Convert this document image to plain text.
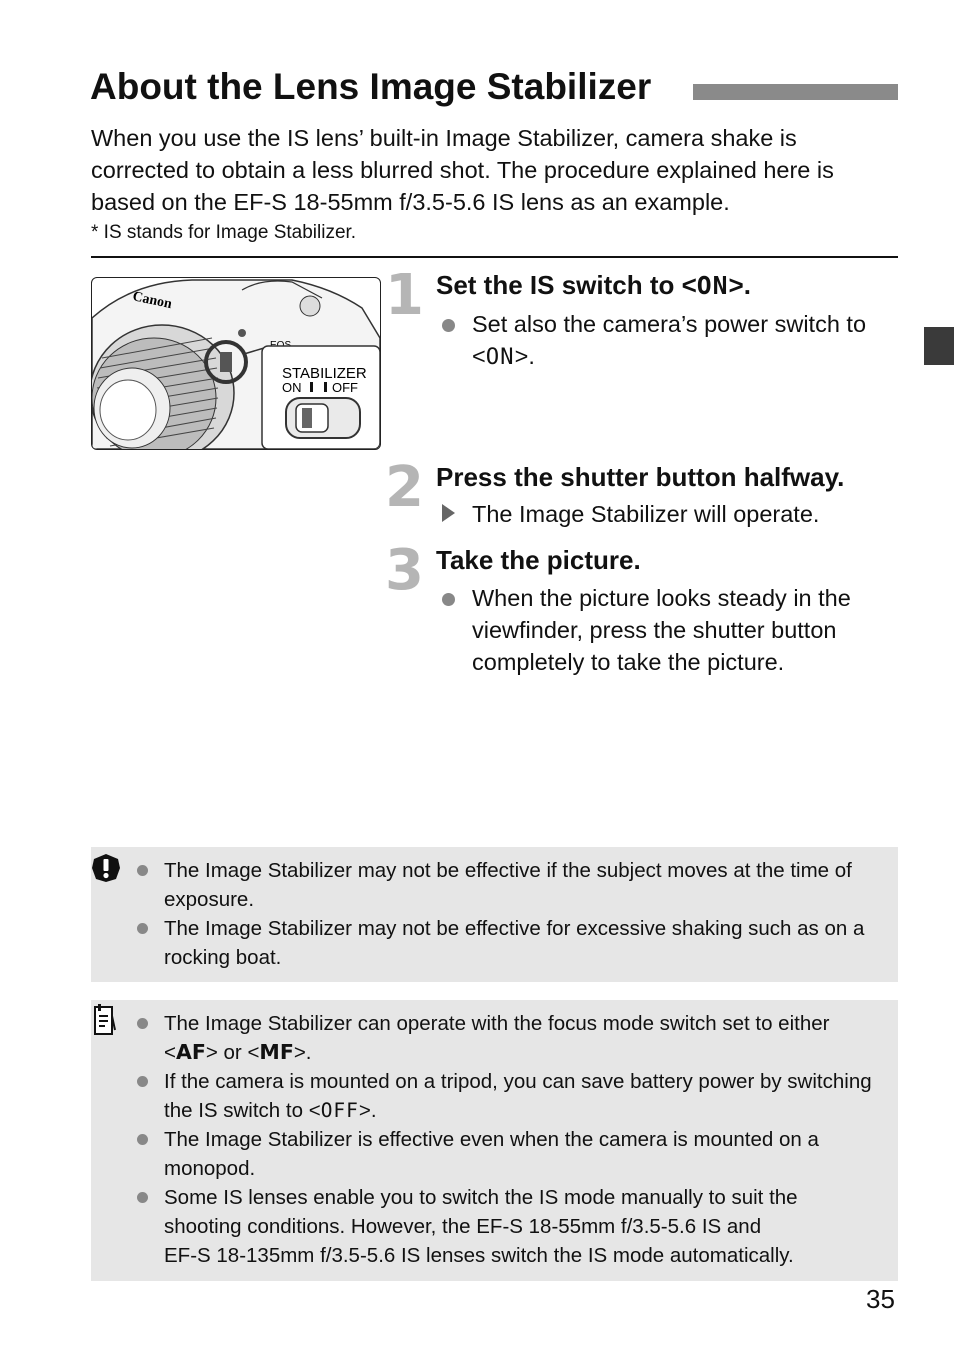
About the Lens Image Stabilizer
When you use the IS lens’ built-in Image Stabilizer, camera shake is corrected to obtain a less blurred shot. The procedure explained here is based on the EF-S 18-55mm f/3.5-5.6 IS lens as an example.
* IS stands for Image Stabilizer.
Canon
STABILIZER
ON OFF
1 Set the IS switch to <ON>.
Set also the camera’s power switch to <ON>.
2 Press the shutter button halfway.
The Image Stabilizer will operate.
3 Take the picture.
When the picture looks steady in the viewfinder, press the shutter button completely to take the picture.
The Image Stabilizer may not be effective if the subject moves at the time of exposure.
The Image Stabilizer may not be effective for excessive shaking such as on a rocking boat.
The Image Stabilizer can operate with the focus mode switch set to either <AF> or <MF>.
If the camera is mounted on a tripod, you can save battery power by switching the IS switch to <OFF>.
The Image Stabilizer is effective even when the camera is mounted on a monopod.
Some IS lenses enable you to switch the IS mode manually to suit the shooting conditions. However, the EF-S 18-55mm f/3.5-5.6 IS and
EF-S 18-135mm f/3.5-5.6 IS lenses switch the IS mode automatically.
35
